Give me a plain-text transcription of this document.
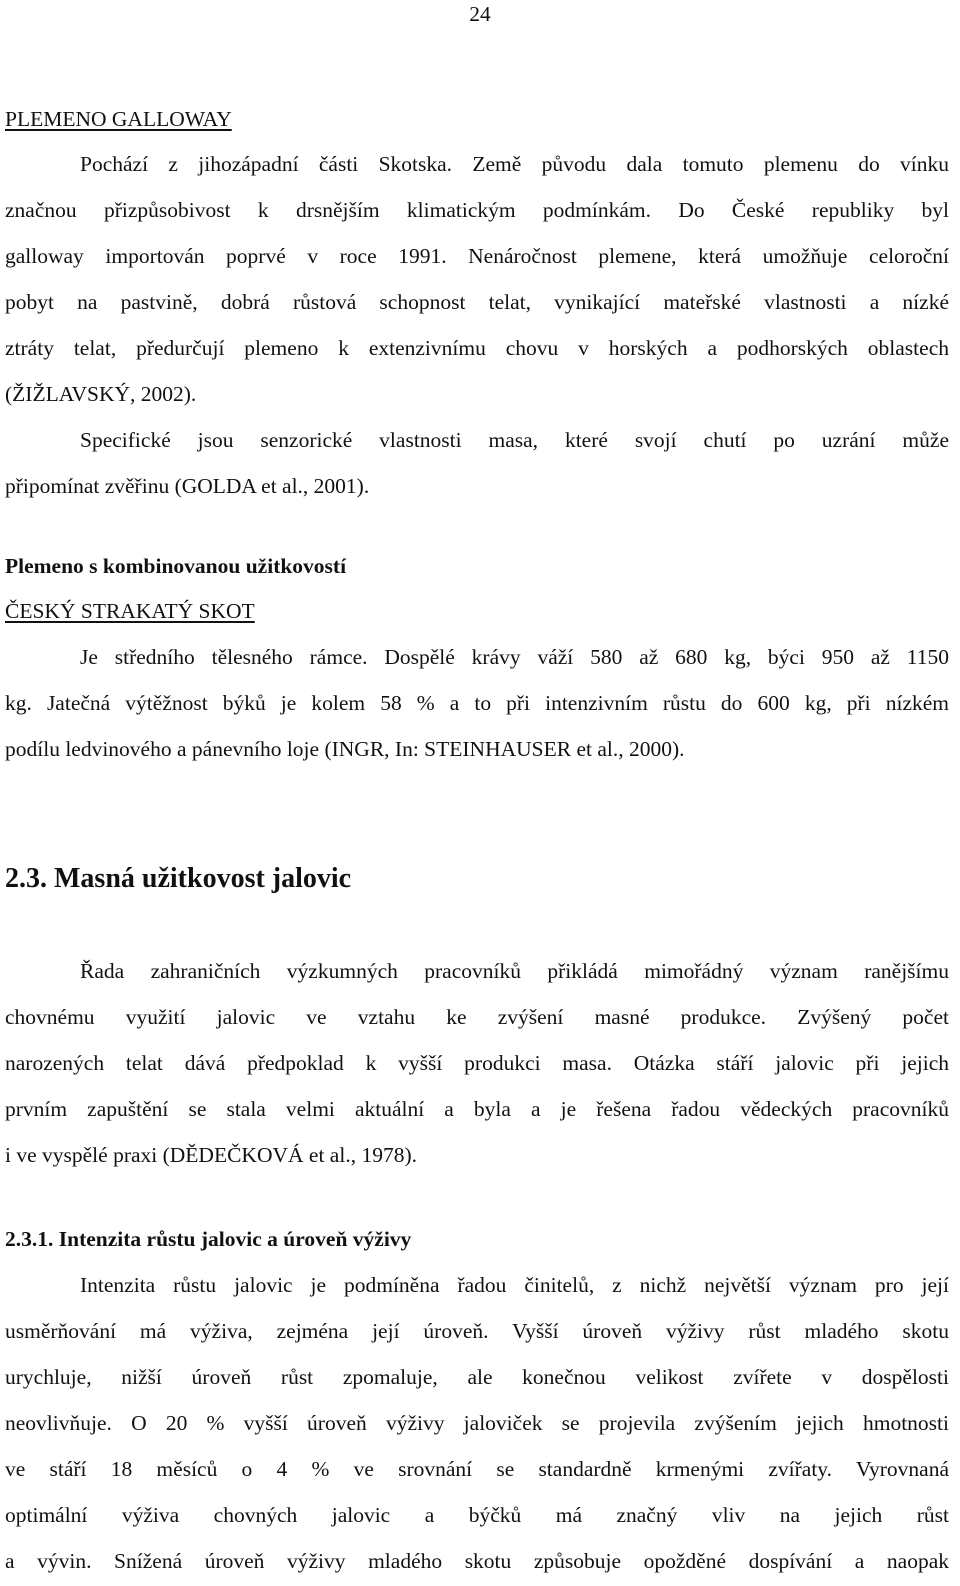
24
PLEMENO GALLOWAY
Pochází z jihozápadní části Skotska. Země původu dala tomuto plemenu do vínku
značnou přizpůsobivost k drsnějším klimatickým podmínkám. Do České republiky byl
galloway importován poprvé v roce 1991. Nenáročnost plemene, která umožňuje celoroční
pobyt na pastvině, dobrá růstová schopnost telat, vynikající mateřské vlastnosti a nízké
ztráty telat, předurčují plemeno k extenzivnímu chovu v horských a podhorských oblastech
(ŽIŽLAVSKÝ, 2002).
Specifické jsou senzorické vlastnosti masa, které svojí chutí po uzrání může
připomínat zvěřinu (GOLDA et al., 2001).
Plemeno s kombinovanou užitkovostí
ČESKÝ STRAKATÝ SKOT
Je středního tělesného rámce. Dospělé krávy váží 580 až 680 kg, býci 950 až 1150
kg. Jatečná výtěžnost býků je kolem 58 % a to při intenzivním růstu do 600 kg, při nízkém
podílu ledvinového a pánevního loje (INGR, In: STEINHAUSER et al., 2000).
2.3. Masná užitkovost jalovic
Řada zahraničních výzkumných pracovníků přikládá mimořádný význam ranějšímu
chovnému využití jalovic ve vztahu ke zvýšení masné produkce. Zvýšený počet
narozených telat dává předpoklad k vyšší produkci masa. Otázka stáří jalovic při jejich
prvním zapuštění se stala velmi aktuální a byla a je řešena řadou vědeckých pracovníků
i ve vyspělé praxi (DĚDEČKOVÁ et al., 1978).
2.3.1. Intenzita růstu jalovic a úroveň výživy
Intenzita růstu jalovic je podmíněna řadou činitelů, z nichž největší význam pro její
usměrňování má výživa, zejména její úroveň. Vyšší úroveň výživy růst mladého skotu
urychluje, nižší úroveň růst zpomaluje, ale konečnou velikost zvířete v dospělosti
neovlivňuje. O 20 % vyšší úroveň výživy jaloviček se projevila zvýšením jejich hmotnosti
ve stáří 18 měsíců o 4 % ve srovnání se standardně krmenými zvířaty. Vyrovnaná
optimální výživa chovných jalovic a býčků má značný vliv na jejich růst
a vývin. Snížená úroveň výživy mladého skotu způsobuje opožděné dospívání a naopak
